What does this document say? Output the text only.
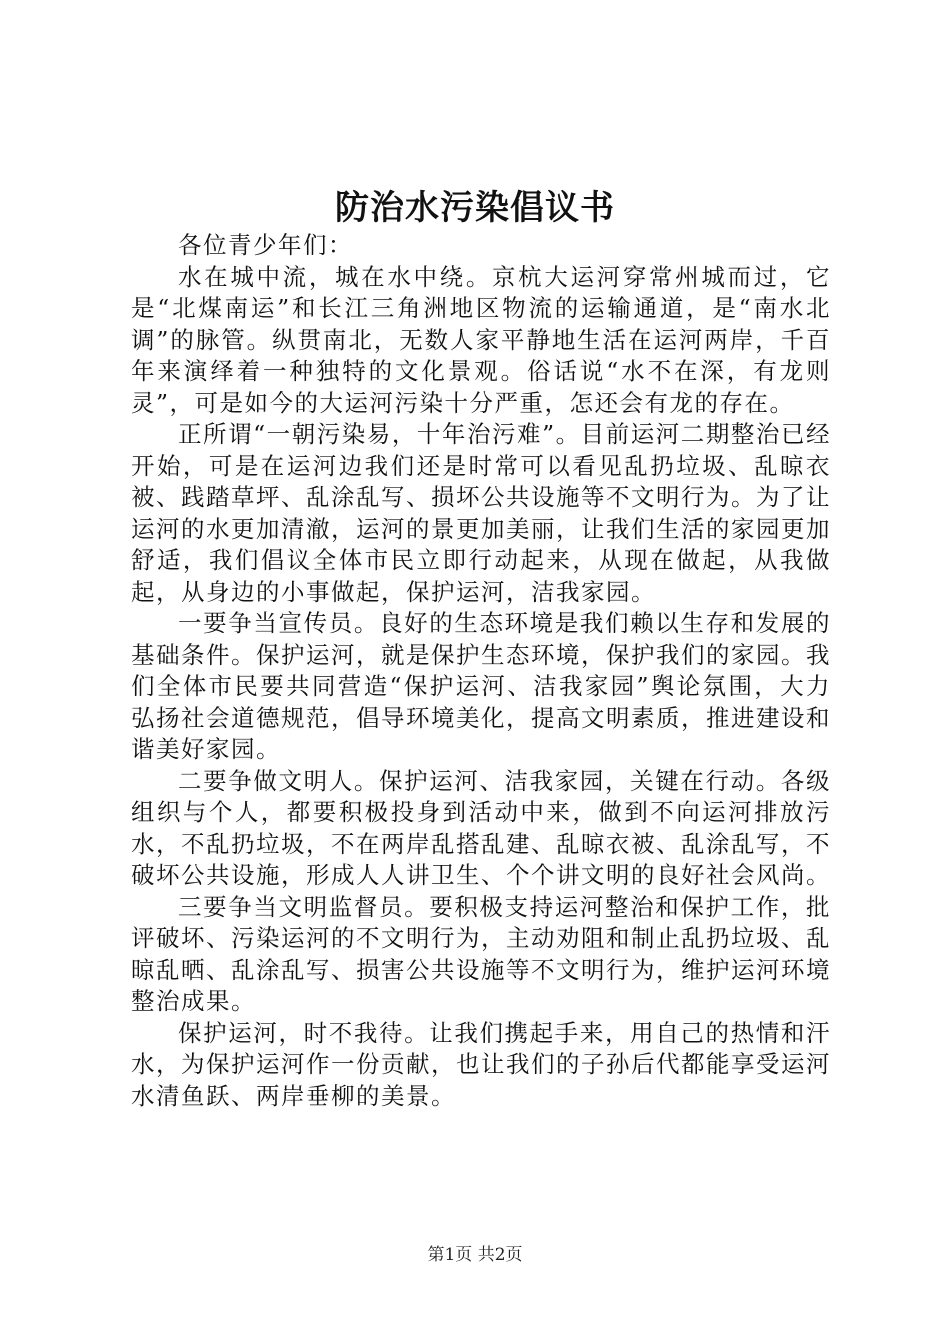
防治水污染倡议书

各位青少年们：

水在城中流，城在水中绕。京杭大运河穿常州城而过，它是“北煤南运”和长江三角洲地区物流的运输通道，是“南水北调”的脉管。纵贯南北，无数人家平静地生活在运河两岸，千百年来演绎着一种独特的文化景观。俗话说“水不在深，有龙则灵”，可是如今的大运河污染十分严重，怎还会有龙的存在。

正所谓“一朝污染易，十年治污难”。目前运河二期整治已经开始，可是在运河边我们还是时常可以看见乱扔垃圾、乱晾衣被、践踏草坪、乱涂乱写、损坏公共设施等不文明行为。为了让运河的水更加清澈，运河的景更加美丽，让我们生活的家园更加舒适，我们倡议全体市民立即行动起来，从现在做起，从我做起，从身边的小事做起，保护运河，洁我家园。

一要争当宣传员。良好的生态环境是我们赖以生存和发展的基础条件。保护运河，就是保护生态环境，保护我们的家园。我们全体市民要共同营造“保护运河、洁我家园”舆论氛围，大力弘扬社会道德规范，倡导环境美化，提高文明素质，推进建设和谐美好家园。

二要争做文明人。保护运河、洁我家园，关键在行动。各级组织与个人，都要积极投身到活动中来，做到不向运河排放污水，不乱扔垃圾，不在两岸乱搭乱建、乱晾衣被、乱涂乱写，不破坏公共设施，形成人人讲卫生、个个讲文明的良好社会风尚。

三要争当文明监督员。要积极支持运河整治和保护工作，批评破坏、污染运河的不文明行为，主动劝阻和制止乱扔垃圾、乱晾乱晒、乱涂乱写、损害公共设施等不文明行为，维护运河环境整治成果。

保护运河，时不我待。让我们携起手来，用自己的热情和汗水，为保护运河作一份贡献，也让我们的子孙后代都能享受运河水清鱼跃、两岸垂柳的美景。

第1页 共2页
